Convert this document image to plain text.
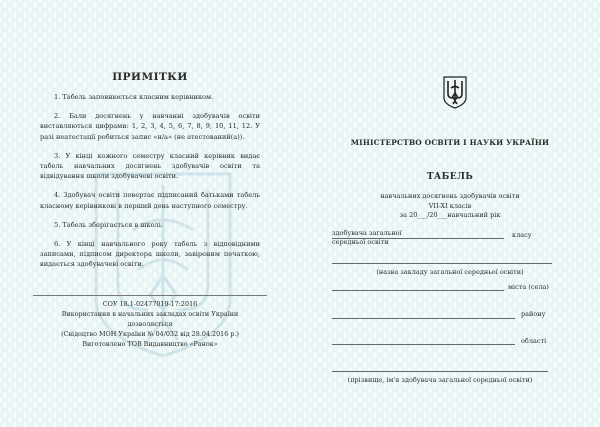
ПРИМІТКИ

1. Табель заповнюється класним керівником.

2. Бали досягнень у навчанні здобувачів освіти виставляються цифрами: 1, 2, 3, 4, 5, 6, 7, 8, 9, 10, 11, 12. У разі неатестації робиться запис «н/а» (не атестований(а)).

3. У кінці кожного семестру класний керівник видає табель навчальних досягнень здобувачів освіти та відвідування школи здобувачеві освіти.

4. Здобувач освіти повертає підписаний батьками табель класному керівникові в перший день наступного семестру.

5. Табель зберігається в школі.

6. У кінці навчального року табель з відповідними записами, підписом директора школи, завіреним печаткою, видається здобувачеві освіти.

СОУ 18.1-02477019-17:2016
Використання в начальних закладах освіти України
дозволяється
(Свідоцтво МОН України № 04/032 від 28.04.2016 р.)
Виготовлено ТОВ Видавництво «Ранок»
МІНІСТЕРСТВО ОСВІТИ І НАУКИ УКРАЇНИ
ТАБЕЛЬ
навчальних досягнень здобувачів освіти
VII-XI класів
за 20___/20___навчальний рік
здобувача загальної
середньої освіти
класу
(назва закладу загальної середньої освіти)
міста (села)
району
області
(прізвище, ім'я здобувача загальної середньої освіти)
